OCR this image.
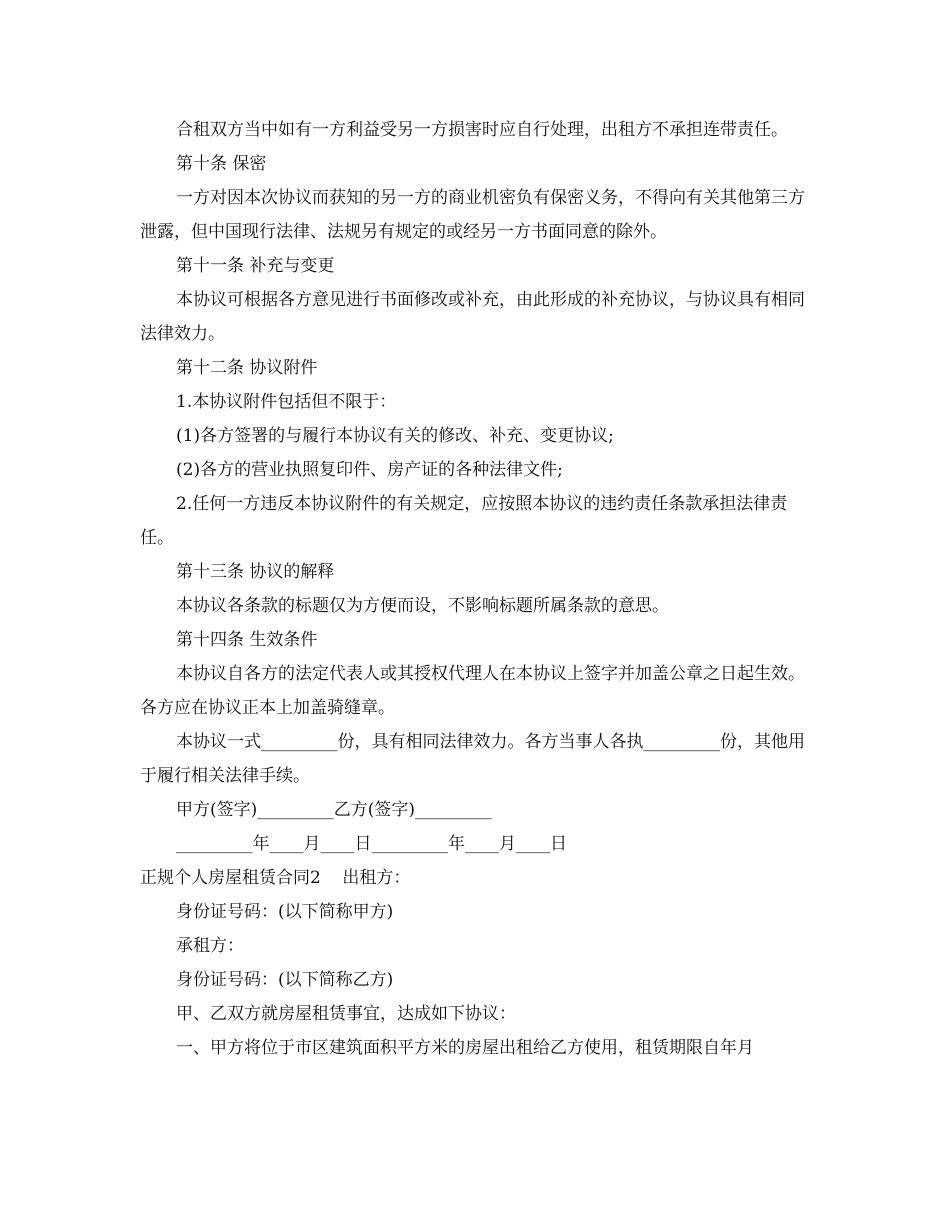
合租双方当中如有一方利益受另一方损害时应自行处理，出租方不承担连带责任。

第十条 保密

一方对因本次协议而获知的另一方的商业机密负有保密义务，不得向有关其他第三方泄露，但中国现行法律、法规另有规定的或经另一方书面同意的除外。

第十一条 补充与变更

本协议可根据各方意见进行书面修改或补充，由此形成的补充协议，与协议具有相同法律效力。

第十二条 协议附件

1.本协议附件包括但不限于：

(1)各方签署的与履行本协议有关的修改、补充、变更协议;

(2)各方的营业执照复印件、房产证的各种法律文件;

2.任何一方违反本协议附件的有关规定，应按照本协议的违约责任条款承担法律责任。

第十三条 协议的解释

本协议各条款的标题仅为方便而设，不影响标题所属条款的意思。

第十四条 生效条件

本协议自各方的法定代表人或其授权代理人在本协议上签字并加盖公章之日起生效。各方应在协议正本上加盖骑缝章。

本协议一式_________份，具有相同法律效力。各方当事人各执_________份，其他用于履行相关法律手续。

甲方(签字)_________乙方(签字)_________

_________年____月____日_________年____月____日

正规个人房屋租赁合同2    出租方：

身份证号码：(以下简称甲方)

承租方：

身份证号码：(以下简称乙方)

甲、乙双方就房屋租赁事宜，达成如下协议：

一、甲方将位于市区建筑面积平方米的房屋出租给乙方使用，租赁期限自年月
